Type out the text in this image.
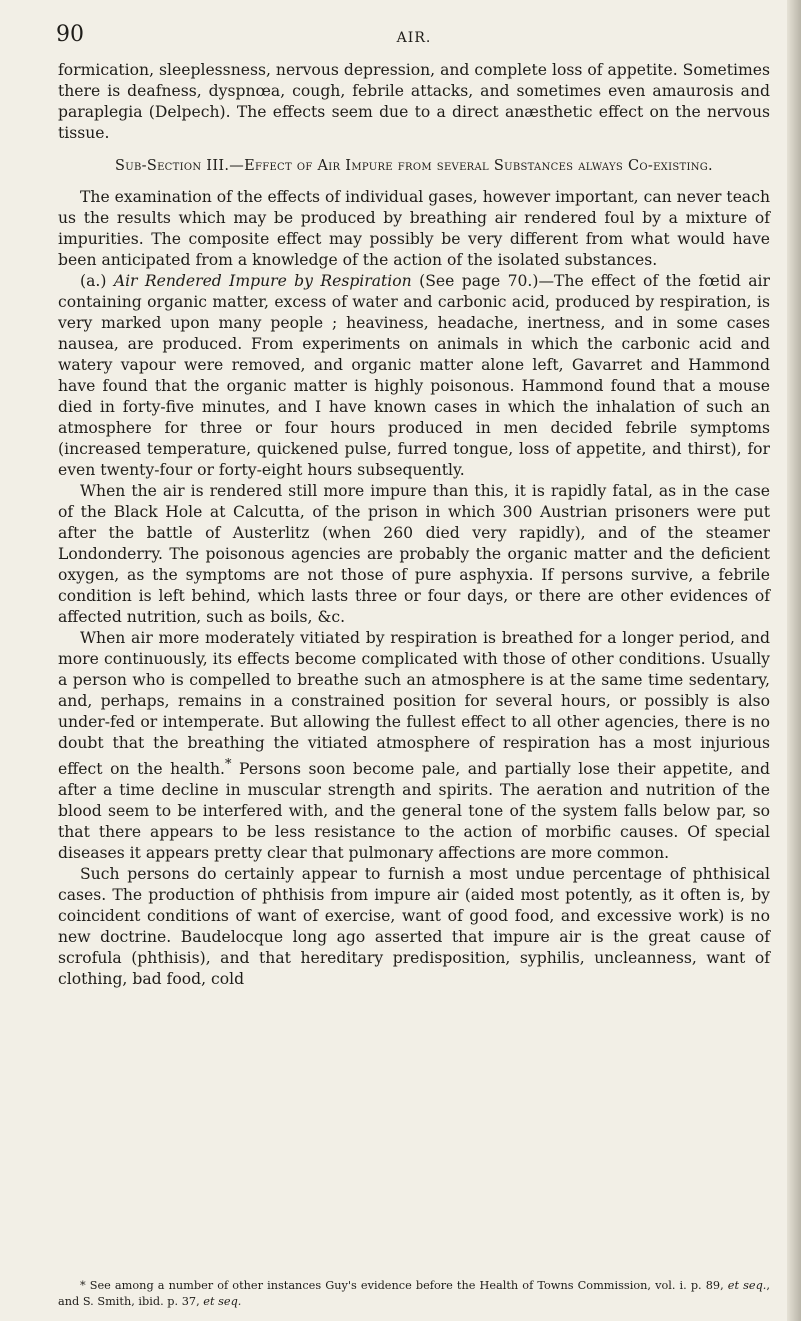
90	AIR.

formication, sleeplessness, nervous depression, and complete loss of appetite. Sometimes there is deafness, dyspnœa, cough, febrile attacks, and sometimes even amaurosis and paraplegia (Delpech). The effects seem due to a direct anæsthetic effect on the nervous tissue.

Sub-Section III.—Effect of Air Impure from several Substances always Co-existing.

The examination of the effects of individual gases, however important, can never teach us the results which may be produced by breathing air rendered foul by a mixture of impurities. The composite effect may possibly be very different from what would have been anticipated from a knowledge of the action of the isolated substances.

(a.) Air Rendered Impure by Respiration (See page 70.)—The effect of the fœtid air containing organic matter, excess of water and carbonic acid, produced by respiration, is very marked upon many people ; heaviness, headache, inertness, and in some cases nausea, are produced. From experiments on animals in which the carbonic acid and watery vapour were removed, and organic matter alone left, Gavarret and Hammond have found that the organic matter is highly poisonous. Hammond found that a mouse died in forty-five minutes, and I have known cases in which the inhalation of such an atmosphere for three or four hours produced in men decided febrile symptoms (increased temperature, quickened pulse, furred tongue, loss of appetite, and thirst), for even twenty-four or forty-eight hours subsequently.

When the air is rendered still more impure than this, it is rapidly fatal, as in the case of the Black Hole at Calcutta, of the prison in which 300 Austrian prisoners were put after the battle of Austerlitz (when 260 died very rapidly), and of the steamer Londonderry. The poisonous agencies are probably the organic matter and the deficient oxygen, as the symptoms are not those of pure asphyxia. If persons survive, a febrile condition is left behind, which lasts three or four days, or there are other evidences of affected nutrition, such as boils, &c.

When air more moderately vitiated by respiration is breathed for a longer period, and more continuously, its effects become complicated with those of other conditions. Usually a person who is compelled to breathe such an atmosphere is at the same time sedentary, and, perhaps, remains in a constrained position for several hours, or possibly is also under-fed or intemperate. But allowing the fullest effect to all other agencies, there is no doubt that the breathing the vitiated atmosphere of respiration has a most injurious effect on the health.* Persons soon become pale, and partially lose their appetite, and after a time decline in muscular strength and spirits. The aeration and nutrition of the blood seem to be interfered with, and the general tone of the system falls below par, so that there appears to be less resistance to the action of morbific causes. Of special diseases it appears pretty clear that pulmonary affections are more common.

Such persons do certainly appear to furnish a most undue percentage of phthisical cases. The production of phthisis from impure air (aided most potently, as it often is, by coincident conditions of want of exercise, want of good food, and excessive work) is no new doctrine. Baudelocque long ago asserted that impure air is the great cause of scrofula (phthisis), and that hereditary predisposition, syphilis, uncleanness, want of clothing, bad food, cold

* See among a number of other instances Guy's evidence before the Health of Towns Commission, vol. i. p. 89, et seq., and S. Smith, ibid. p. 37, et seq.
